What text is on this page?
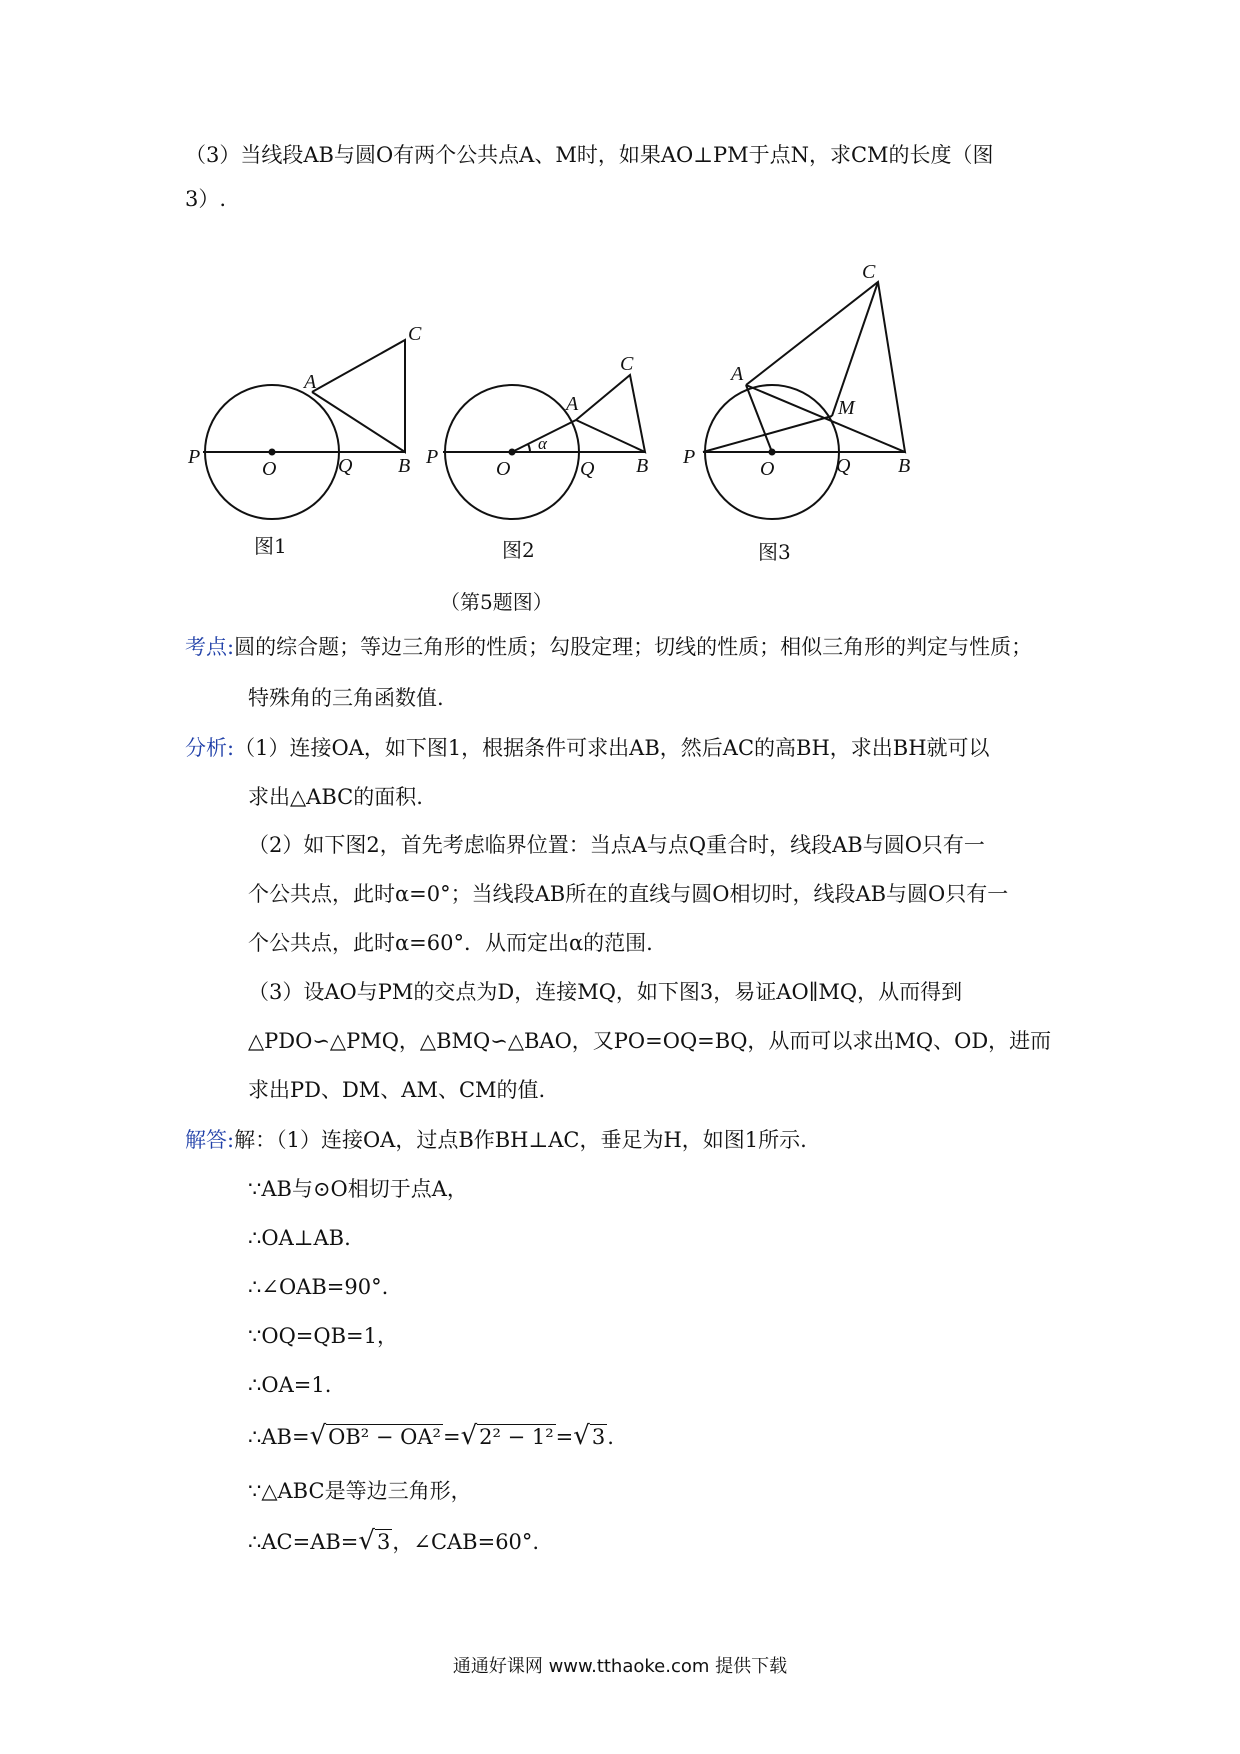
（3）当线段AB与圆O有两个公共点A、M时，如果AO⊥PM于点N，求CM的长度（图
3）.
P
O	Q B
A
C
P
O	Q B
A
C
α
P
O	Q B
A
C
M
图1	图2	图3
（第5题图）
考点:圆的综合题；等边三角形的性质；勾股定理；切线的性质；相似三角形的判定与性质；
特殊角的三角函数值.
分析:（1）连接OA，如下图1，根据条件可求出AB，然后AC的高BH，求出BH就可以
求出△ABC的面积.
（2）如下图2，首先考虑临界位置：当点A与点Q重合时，线段AB与圆O只有一
个公共点，此时α=0°；当线段AB所在的直线与圆O相切时，线段AB与圆O只有一
个公共点，此时α=60°．从而定出α的范围.
（3）设AO与PM的交点为D，连接MQ，如下图3，易证AO∥MQ，从而得到
△PDO∽△PMQ，△BMQ∽△BAO，又PO=OQ=BQ，从而可以求出MQ、OD，进而
求出PD、DM、AM、CM的值.
解答:解：（1）连接OA，过点B作BH⊥AC，垂足为H，如图1所示.
∵AB与⊙O相切于点A，
∴OA⊥AB.
∴∠OAB=90°.
∵OQ=QB=1，
∴OA=1.
∴AB=√OB² − OA²=√2² − 1²=√3.
∵△ABC是等边三角形，
∴AC=AB=√3，∠CAB=60°.
通通好课网 www.tthaoke.com 提供下载
